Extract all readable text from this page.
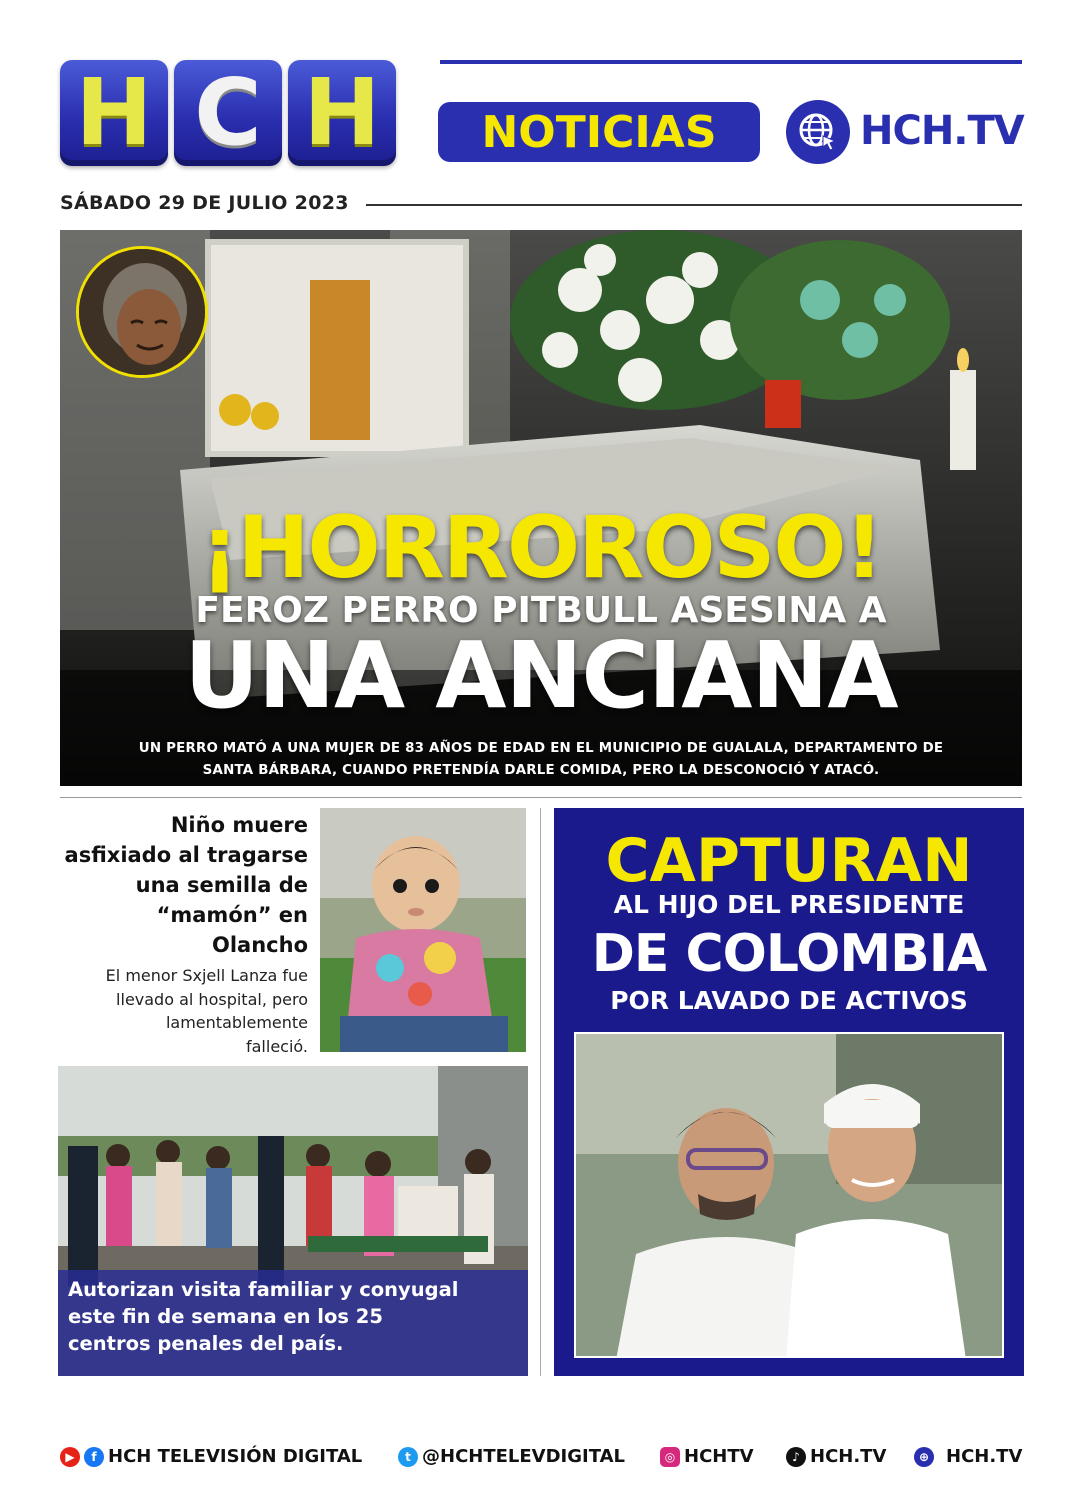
H C H	NOTICIAS	HCH.TV
SÁBADO 29 DE JULIO 2023
¡HORROROSO!
FEROZ PERRO PITBULL ASESINA A
UNA ANCIANA
UN PERRO MATÓ A UNA MUJER DE 83 AÑOS DE EDAD EN EL MUNICIPIO DE GUALALA, DEPARTAMENTO DE
SANTA BÁRBARA, CUANDO PRETENDÍA DARLE COMIDA, PERO LA DESCONOCIÓ Y ATACÓ.
Niño muere
asfixiado al tragarse
una semilla de
“mamón” en
Olancho
El menor Sxjell Lanza fue
llevado al hospital, pero
lamentablemente
falleció.
Autorizan visita familiar y conyugal
este fin de semana en los 25
centros penales del país.
CAPTURAN
AL HIJO DEL PRESIDENTE
DE COLOMBIA
POR LAVADO DE ACTIVOS
▶	f HCH TELEVISIÓN DIGITAL	t @HCHTELEVDIGITAL	◎ HCHTV	♪ HCH.TV	⊕ HCH.TV
